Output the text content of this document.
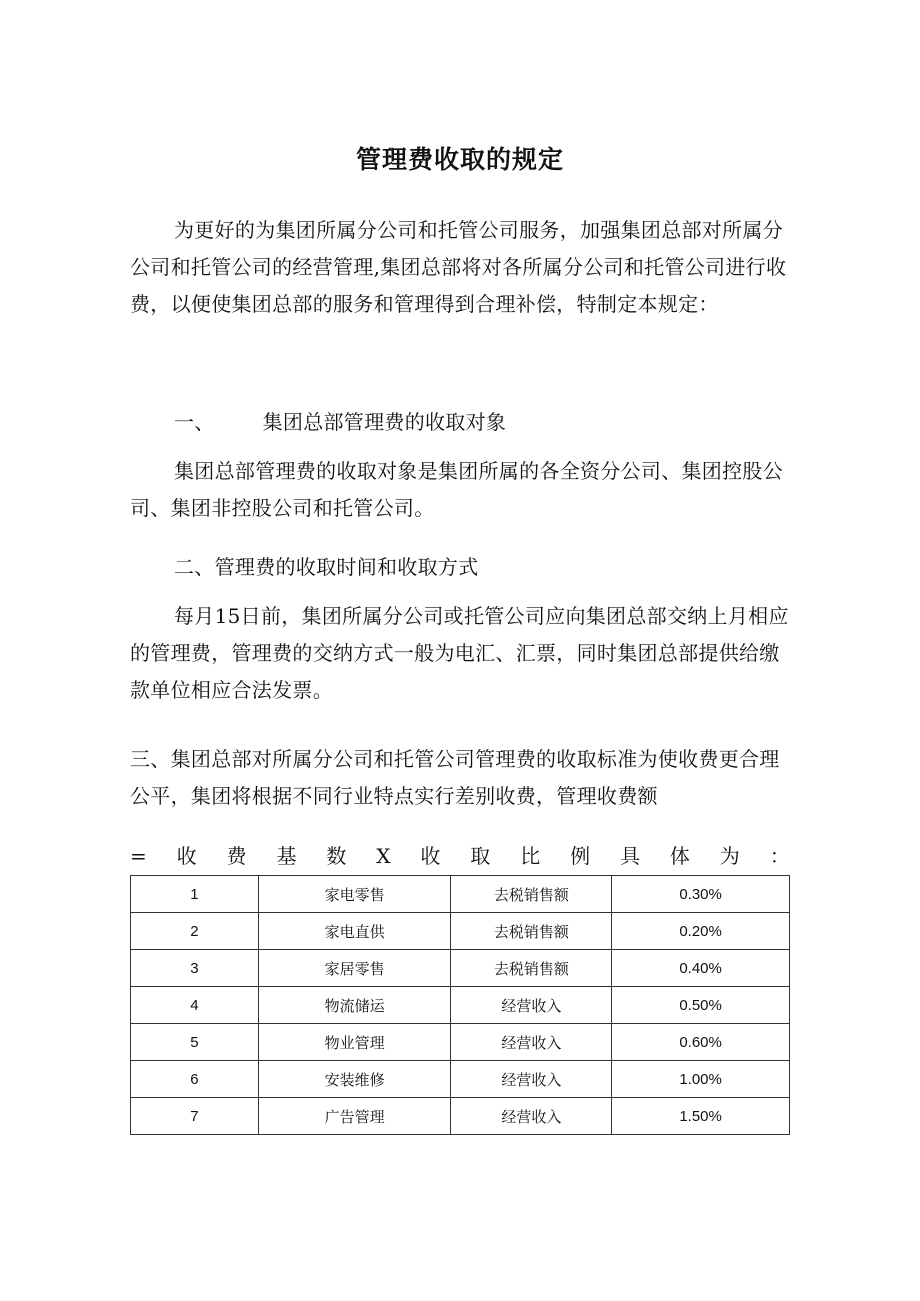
管理费收取的规定
为更好的为集团所属分公司和托管公司服务，加强集团总部对所属分公司和托管公司的经营管理,集团总部将对各所属分公司和托管公司进行收费，以便使集团总部的服务和管理得到合理补偿，特制定本规定：
一、 集团总部管理费的收取对象
集团总部管理费的收取对象是集团所属的各全资分公司、集团控股公司、集团非控股公司和托管公司。
二、管理费的收取时间和收取方式
每月15日前，集团所属分公司或托管公司应向集团总部交纳上月相应的管理费，管理费的交纳方式一般为电汇、汇票，同时集团总部提供给缴款单位相应合法发票。
三、集团总部对所属分公司和托管公司管理费的收取标准为使收费更合理公平，集团将根据不同行业特点实行差别收费，管理收费额
=收费基数X收取比例具体为：
1	家电零售	去税销售额	0.30%
2	家电直供	去税销售额	0.20%
3	家居零售	去税销售额	0.40%
4	物流储运	经营收入	0.50%
5	物业管理	经营收入	0.60%
6	安装维修	经营收入	1.00%
7	广告管理	经营收入	1.50%
